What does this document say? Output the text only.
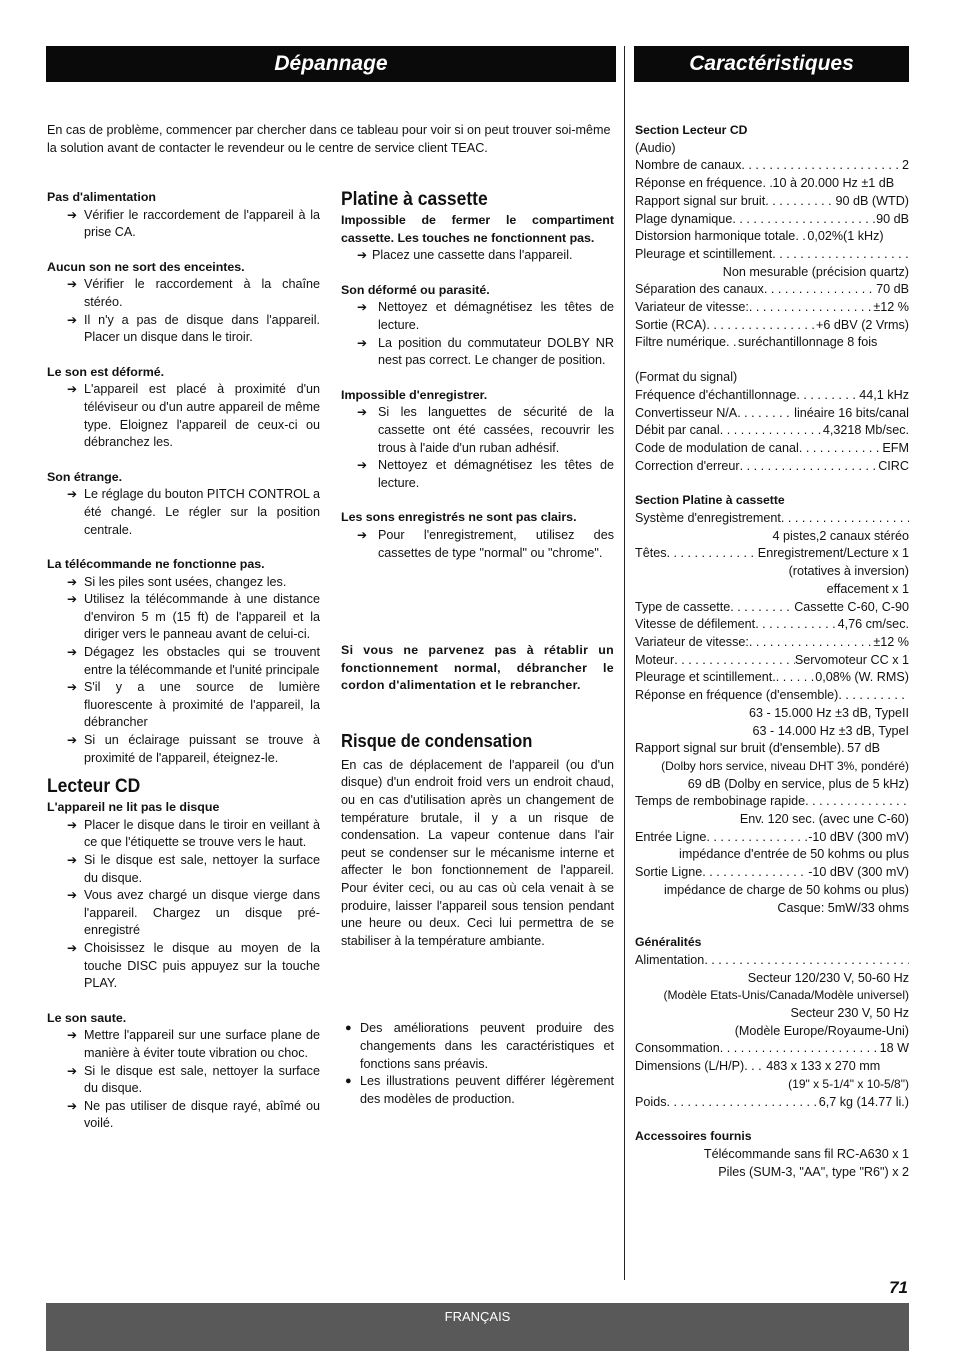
Dépannage	Caractéristiques
En cas de problème, commencer par chercher dans ce tableau pour voir si on peut trouver soi-même la solution avant de contacter le revendeur ou le centre de service client TEAC.

Pas d'alimentation

➔ Vérifier le raccordement de l'appareil à la prise CA.

Aucun son ne sort des enceintes.

➔ Vérifier le raccordement à la chaîne stéréo.
➔ Il n'y a pas de disque dans l'appareil. Placer un disque dans le tiroir.

Le son est déformé.

➔ L'appareil est placé à proximité d'un téléviseur ou d'un autre appareil de même type. Eloignez l'appareil de ceux-ci ou débranchez les.

Son étrange.

➔ Le réglage du bouton PITCH CONTROL a été changé. Le régler sur la position centrale.

La télécommande ne fonctionne pas.

➔ Si les piles sont usées, changez les.
➔ Utilisez la télécommande à une distance d'environ 5 m (15 ft) de l'appareil et la diriger vers le panneau avant de celui-ci.
➔ Dégagez les obstacles qui se trouvent entre la télécommande et l'unité principale
➔ S'il y a une source de lumière fluorescente à proximité de l'appareil, la débrancher
➔ Si un éclairage puissant se trouve à proximité de l'appareil, éteignez-le.
Lecteur CD

L'appareil ne lit pas le disque

➔ Placer le disque dans le tiroir en veillant à ce que l'étiquette se trouve vers le haut.
➔ Si le disque est sale, nettoyer la surface du disque.
➔ Vous avez chargé un disque vierge dans l'appareil. Chargez un disque pré-enregistré
➔ Choisissez le disque au moyen de la touche DISC puis appuyez sur la touche PLAY.

Le son saute.

➔ Mettre l'appareil sur une surface plane de manière à éviter toute vibration ou choc.
➔ Si le disque est sale, nettoyer la surface du disque.
➔ Ne pas utiliser de disque rayé, abîmé ou voilé.
Platine à cassette

Impossible de fermer le compartiment cassette. Les touches ne fonctionnent pas.

➔ Placez une cassette dans l'appareil.

Son déformé ou parasité.

➔ Nettoyez et démagnétisez les têtes de lecture.
➔ La position du commutateur DOLBY NR nest pas correct. Le changer de position.

Impossible d'enregistrer.

➔ Si les languettes de sécurité de la cassette ont été cassées, recouvrir les trous à l'aide d'un ruban adhésif.
➔ Nettoyez et démagnétisez les têtes de lecture.

Les sons enregistrés ne sont pas clairs.

➔ Pour l'enregistrement, utilisez des cassettes de type "normal" ou "chrome".

Si vous ne parvenez pas à rétablir un fonctionnement normal, débrancher le cordon d'alimentation et le rebrancher.

Risque de condensation
En cas de déplacement de l'appareil (ou d'un disque) d'un endroit froid vers un endroit chaud, ou en cas d'utilisation après un changement de température brutale, il y a un risque de condensation. La vapeur contenue dans l'air peut se condenser sur le mécanisme interne et affecter le bon fonctionnement de l'appareil. Pour éviter ceci, ou au cas où cela venait à se produire, laisser l'appareil sous tension pendant une heure ou deux. Ceci lui permettra de se stabiliser à la température ambiante.
● Des améliorations peuvent produire des changements dans les caractéristiques et fonctions sans préavis.
● Les illustrations peuvent différer légèrement des modèles de production.
Section Lecteur CD
(Audio)
Nombre de canaux . . .	2
Réponse en fréquence . . . 10 à 20.000 Hz ±1 dB
Rapport signal sur bruit . . .	90 dB (WTD)
Plage dynamique . . .	90 dB
Distorsion harmonique totale . . . 0,02%(1 kHz)
Pleurage et scintillement
. . .
Non mesurable (précision quartz)
Séparation des canaux . . .	70 dB
Variateur de vitesse: . . .	±12 %
Sortie (RCA) . . .	+6 dBV (2 Vrms)
Filtre numérique . . . suréchantillonnage 8 fois
(Format du signal)
Fréquence d'échantillonnage . . .	44,1 kHz
Convertisseur N/A . . .	linéaire 16 bits/canal
Débit par canal . . .	4,3218 Mb/sec.
Code de modulation de canal . . .	EFM
Correction d'erreur . . .	CIRC
Section Platine à cassette
Système d'enregistrement
. . .
4 pistes,2 canaux stéréo
Têtes . . .	Enregistrement/Lecture x 1
(rotatives à inversion)
effacement x 1
Type de cassette . . .	Cassette C-60, C-90
Vitesse de défilement . . .	4,76 cm/sec.
Variateur de vitesse: . . .	±12 %
Moteur . . .	Servomoteur CC x 1
Pleurage et scintillement. . . .	0,08% (W. RMS)
Réponse en fréquence (d'ensemble)
. . .
63 - 15.000 Hz ±3 dB, TypeII
63 - 14.000 Hz ±3 dB, TypeI
Rapport signal sur bruit (d'ensemble) . . . 57 dB
(Dolby hors service, niveau DHT 3%, pondéré)
69 dB (Dolby en service, plus de 5 kHz)
Temps de rembobinage rapide
. . .
Env. 120 sec. (avec une C-60)
Entrée Ligne . . .	-10 dBV (300 mV)
impédance d'entrée de 50 kohms ou plus
Sortie Ligne . . .	-10 dBV (300 mV)
impédance de charge de 50 kohms ou plus)
Casque: 5mW/33 ohms
Généralités
Alimentation
. . .
Secteur 120/230 V, 50-60 Hz
(Modèle Etats-Unis/Canada/Modèle universel)
Secteur 230 V, 50 Hz
(Modèle Europe/Royaume-Uni)
Consommation . . .	18 W
Dimensions (L/H/P) . . . 483 x 133 x 270 mm
(19" x 5-1/4" x 10-5/8")
Poids . . .	6,7 kg (14.77 li.)
Accessoires fournis
Télécommande sans fil RC-A630 x 1
Piles (SUM-3, "AA", type "R6") x 2
71
FRANÇAIS
